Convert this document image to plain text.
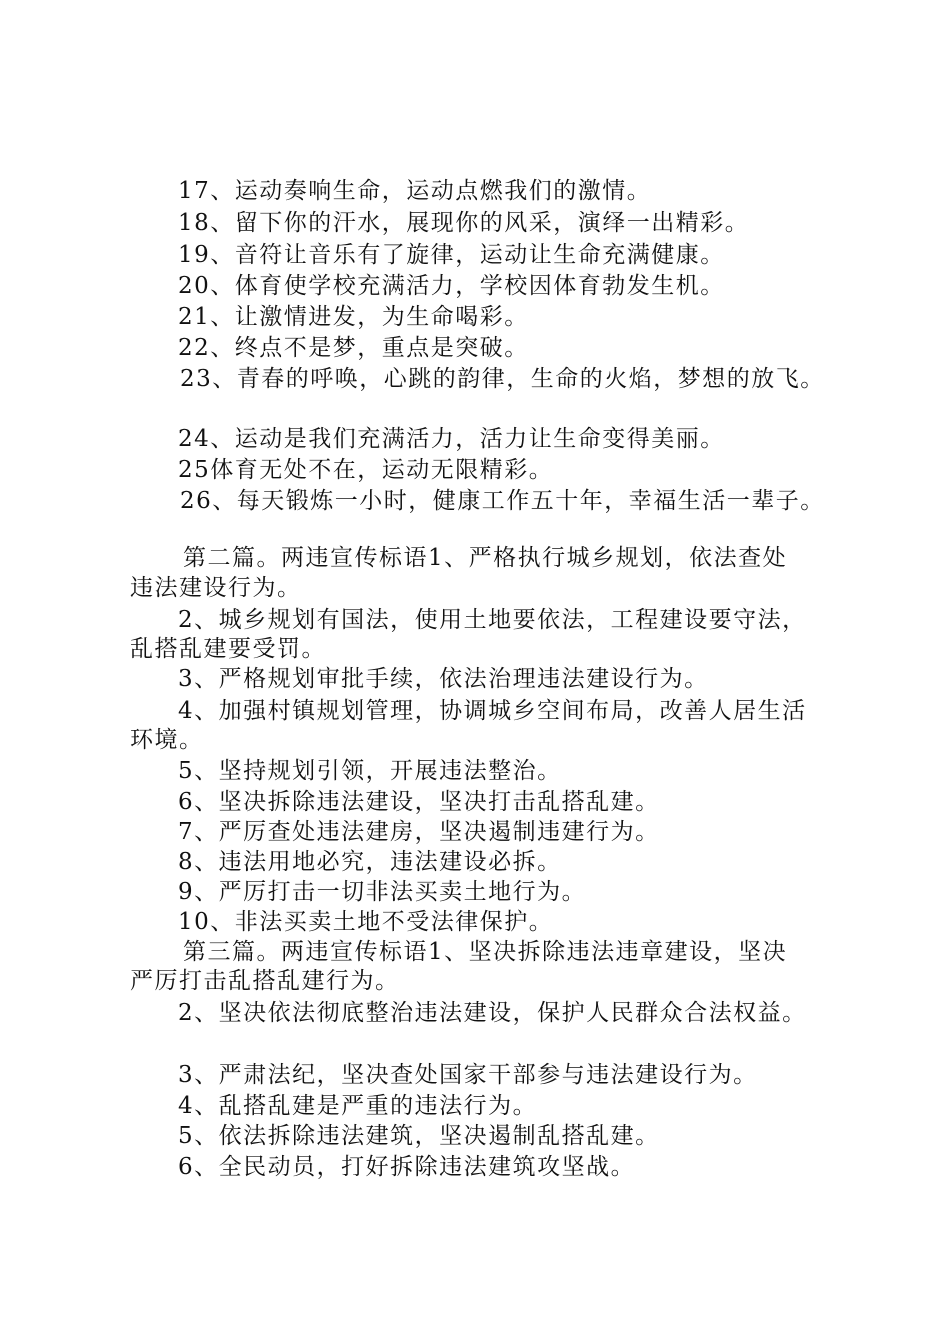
17、运动奏响生命，运动点燃我们的激情。

18、留下你的汗水，展现你的风采，演绎一出精彩。

19、音符让音乐有了旋律，运动让生命充满健康。

20、体育使学校充满活力，学校因体育勃发生机。

21、让激情进发，为生命喝彩。

22、终点不是梦，重点是突破。

23、青春的呼唤，心跳的韵律，生命的火焰，梦想的放飞。

24、运动是我们充满活力，活力让生命变得美丽。

25体育无处不在，运动无限精彩。

26、每天锻炼一小时，健康工作五十年，幸福生活一辈子。

第二篇。两违宣传标语1、严格执行城乡规划，依法查处

违法建设行为。

2、城乡规划有国法，使用土地要依法，工程建设要守法，

乱搭乱建要受罚。

3、严格规划审批手续，依法治理违法建设行为。

4、加强村镇规划管理，协调城乡空间布局，改善人居生活

环境。

5、坚持规划引领，开展违法整治。

6、坚决拆除违法建设，坚决打击乱搭乱建。

7、严厉查处违法建房，坚决遏制违建行为。

8、违法用地必究，违法建设必拆。

9、严厉打击一切非法买卖土地行为。

10、非法买卖土地不受法律保护。

第三篇。两违宣传标语1、坚决拆除违法违章建设，坚决

严厉打击乱搭乱建行为。

2、坚决依法彻底整治违法建设，保护人民群众合法权益。

3、严肃法纪，坚决查处国家干部参与违法建设行为。

4、乱搭乱建是严重的违法行为。

5、依法拆除违法建筑，坚决遏制乱搭乱建。

6、全民动员，打好拆除违法建筑攻坚战。
